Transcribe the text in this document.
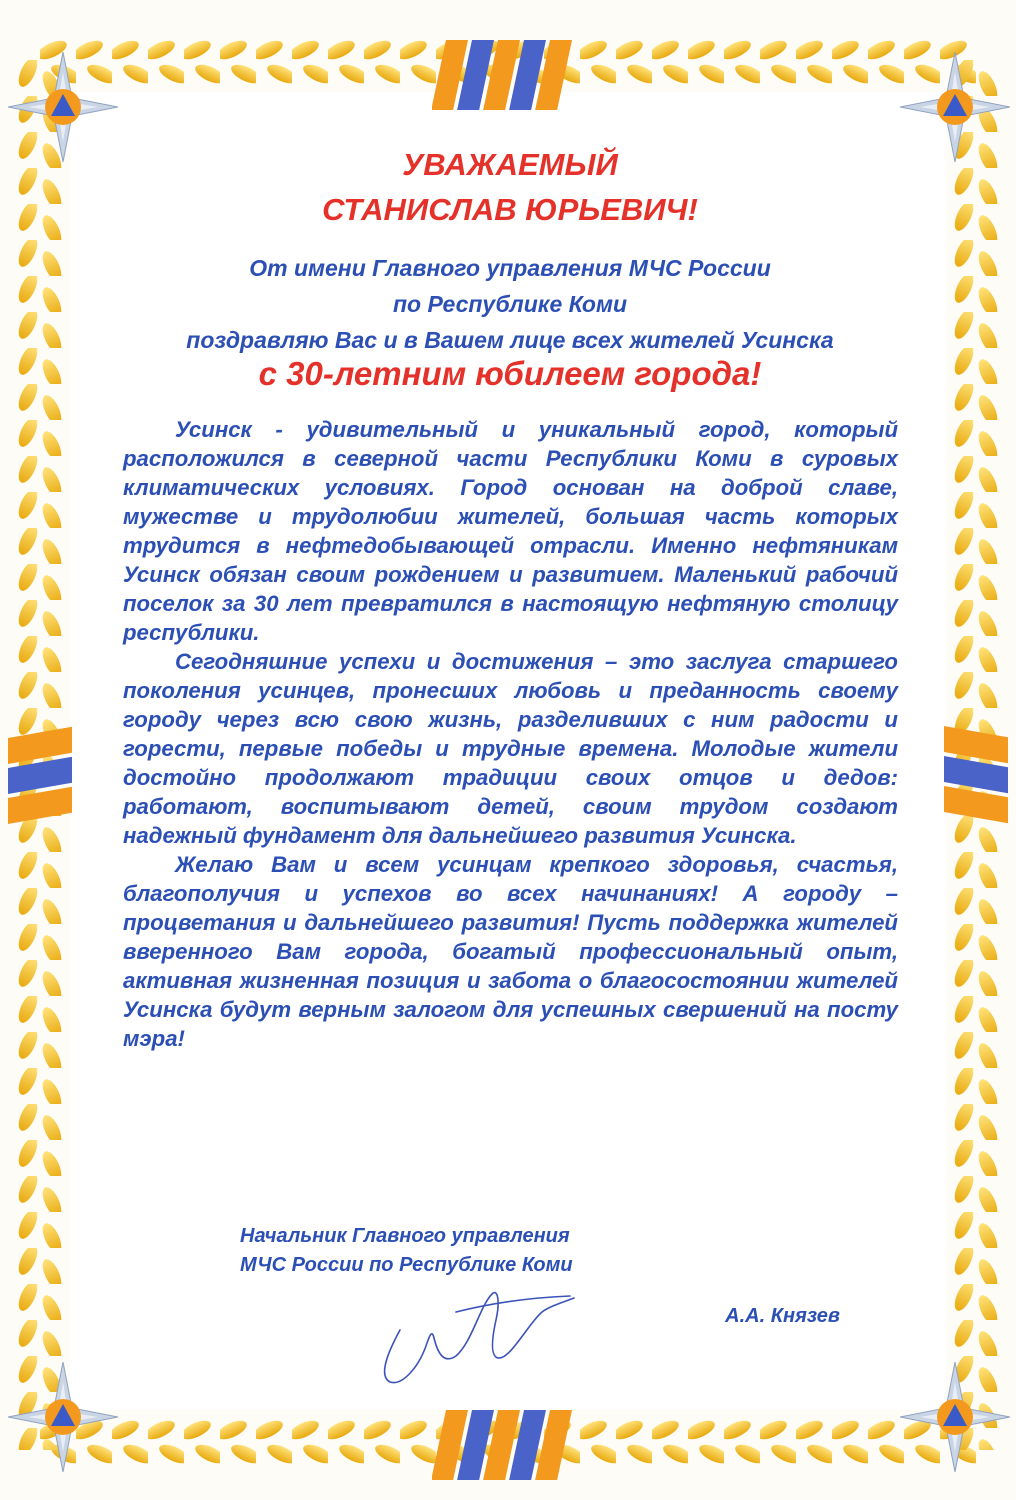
УВАЖАЕМЫЙ
СТАНИСЛАВ ЮРЬЕВИЧ!
От имени Главного управления МЧС России
по Республике Коми
поздравляю Вас и в Вашем лице всех жителей Усинска
с 30-летним юбилеем города!

Усинск - удивительный и уникальный город, который расположился в северной части Республики Коми в суровых климатических условиях. Город основан на доброй славе, мужестве и трудолюбии жителей, большая часть которых трудится в нефтедобывающей отрасли. Именно нефтяникам Усинск обязан своим рождением и развитием. Маленький рабочий поселок за 30 лет превратился в настоящую нефтяную столицу республики.

Сегодняшние успехи и достижения – это заслуга старшего поколения усинцев, пронесших любовь и преданность своему городу через всю свою жизнь, разделивших с ним радости и горести, первые победы и трудные времена. Молодые жители достойно продолжают традиции своих отцов и дедов: работают, воспитывают детей, своим трудом создают надежный фундамент для дальнейшего развития Усинска.

Желаю Вам и всем усинцам крепкого здоровья, счастья, благополучия и успехов во всех начинаниях! А городу – процветания и дальнейшего развития! Пусть поддержка жителей вверенного Вам города, богатый профессиональный опыт, активная жизненная позиция и забота о благосостоянии жителей Усинска будут верным залогом для успешных свершений на посту мэра!

Начальник Главного управления
МЧС России по Республике Коми
А.А. Князев
